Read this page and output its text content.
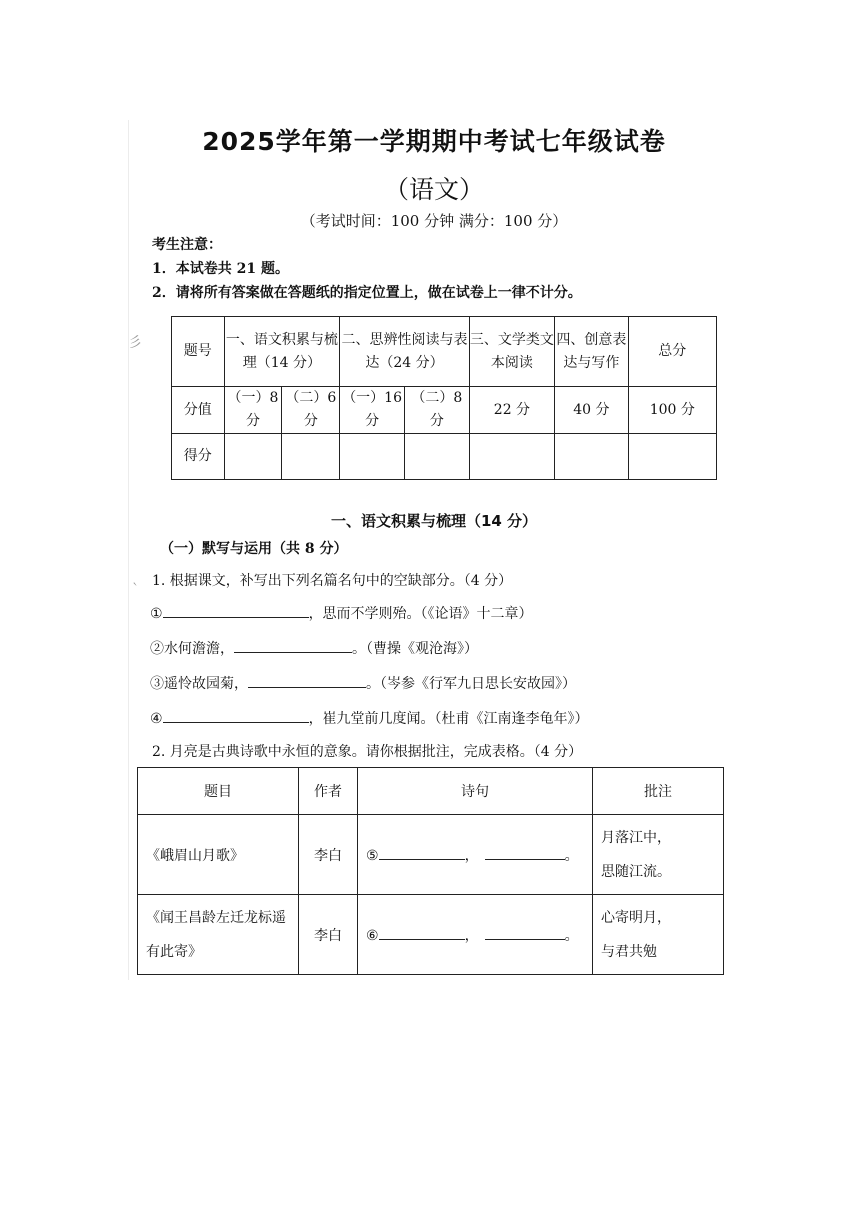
彡
｀
2025学年第一学期期中考试七年级试卷
（语文）
（考试时间：100 分钟 满分：100 分）
考生注意：
1．本试卷共 21 题。
2．请将所有答案做在答题纸的指定位置上，做在试卷上一律不计分。
题号	一、语文积累与梳理（14 分）		二、思辨性阅读与表达（24 分）		三、文学类文本阅读	四、创意表达与写作	总分
分值	（一）8 分	（二）6 分	（一）16 分	（二）8 分	22 分	40 分	100 分
得分							
一、语文积累与梳理（14 分）
（一）默写与运用（共 8 分）
1. 根据课文，补写出下列名篇名句中的空缺部分。（4 分）
①	，思而不学则殆。（《论语》十二章）
②水何澹澹，	。（曹操《观沧海》）
③遥怜故园菊，	。（岑参《行军九日思长安故园》）
④	，崔九堂前几度闻。（杜甫《江南逢李龟年》）
2. 月亮是古典诗歌中永恒的意象。请你根据批注，完成表格。（4 分）
题目	作者	诗句	批注
《峨眉山月歌》	李白	⑤ ， 。	月落江中，
思随江流。

《闻王昌龄左迁龙标遥有此寄》	李白	⑥ ， 。	心寄明月，
与君共勉
